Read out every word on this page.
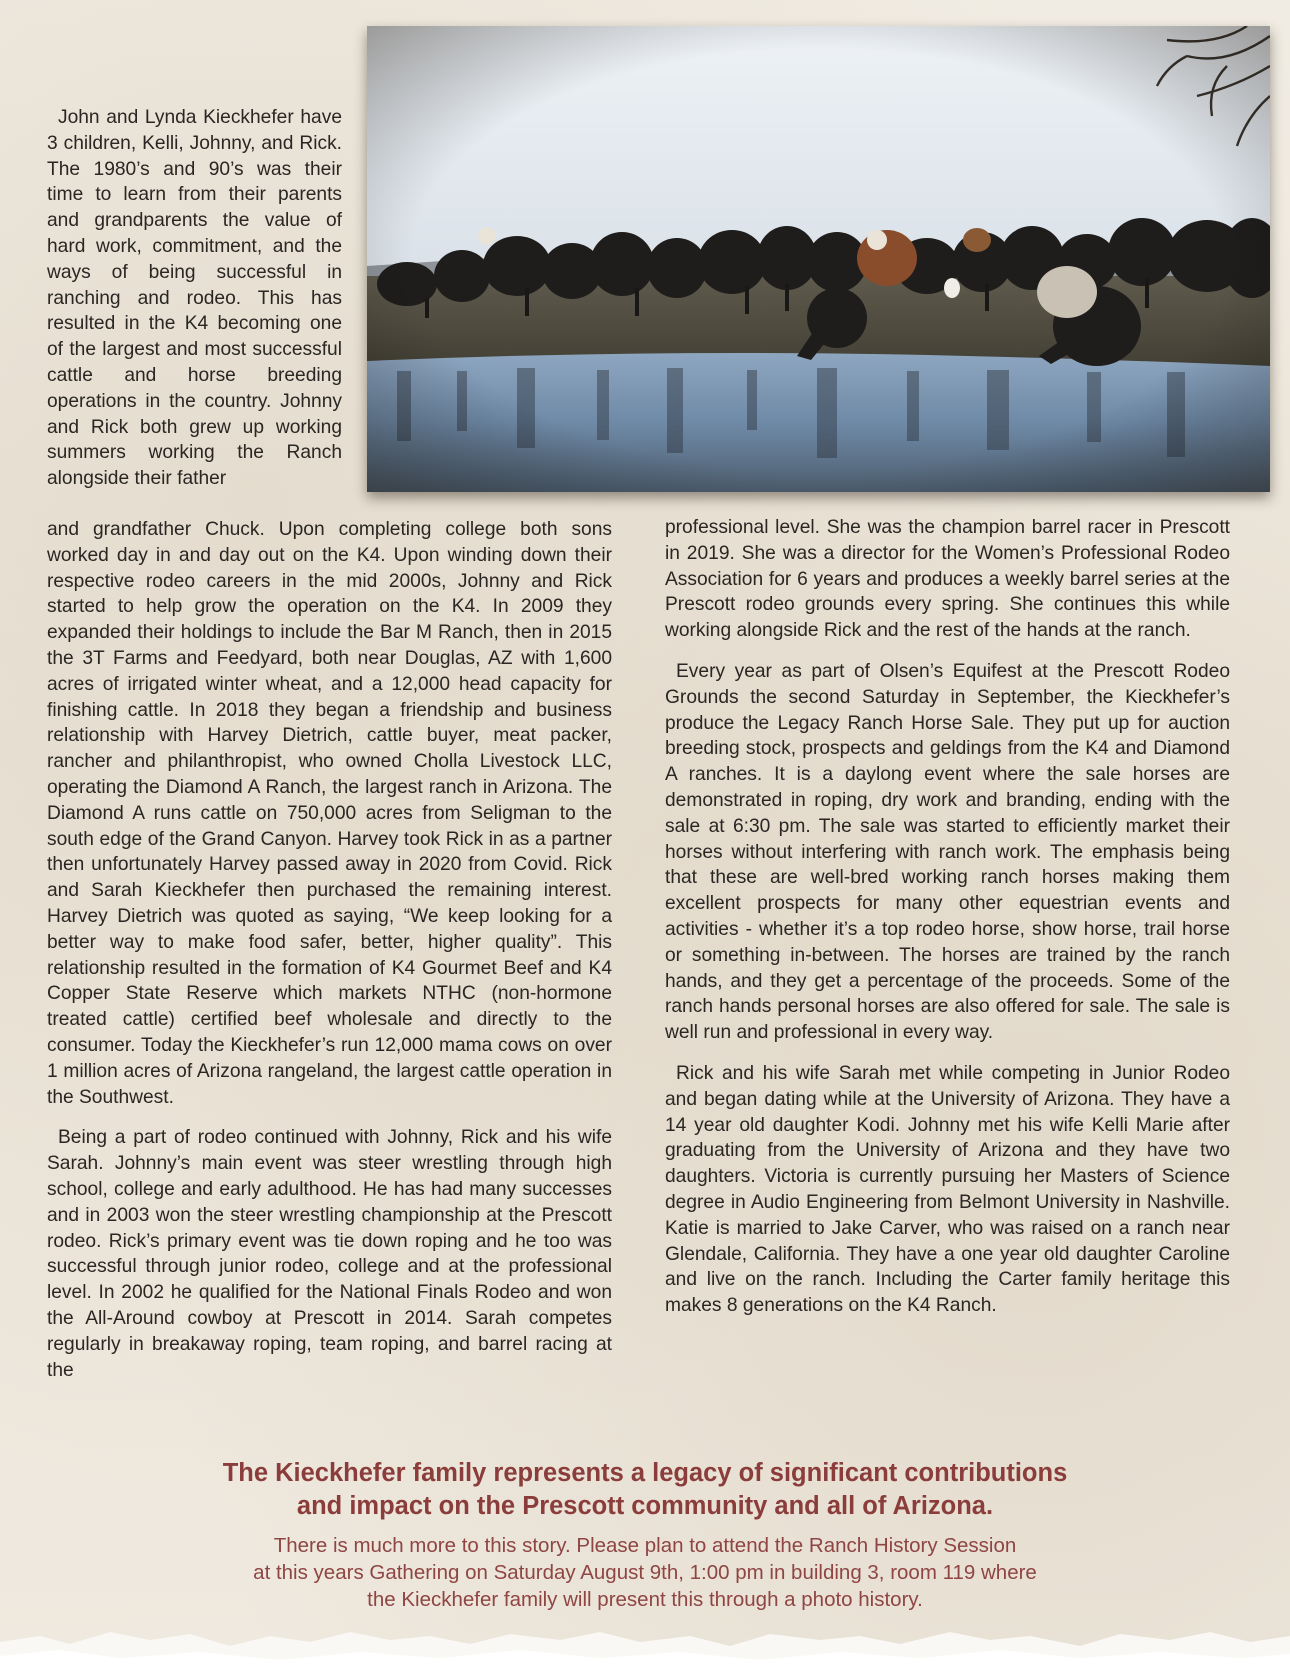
John and Lynda Kieckhefer have 3 children, Kelli, Johnny, and Rick. The 1980’s and 90’s was their time to learn from their parents and grandparents the value of hard work, commitment, and the ways of being successful in ranching and rodeo. This has resulted in the K4 becoming one of the largest and most successful cattle and horse breeding operations in the country. Johnny and Rick both grew up working summers working the Ranch alongside their father

and grandfather Chuck. Upon completing college both sons worked day in and day out on the K4. Upon winding down their respective rodeo careers in the mid 2000s, Johnny and Rick started to help grow the operation on the K4. In 2009 they expanded their holdings to include the Bar M Ranch, then in 2015 the 3T Farms and Feedyard, both near Douglas, AZ with 1,600 acres of irrigated winter wheat, and a 12,000 head capacity for finishing cattle. In 2018 they began a friendship and business relationship with Harvey Dietrich, cattle buyer, meat packer, rancher and philanthropist, who owned Cholla Livestock LLC, operating the Diamond A Ranch, the largest ranch in Arizona. The Diamond A runs cattle on 750,000 acres from Seligman to the south edge of the Grand Canyon. Harvey took Rick in as a partner then unfortunately Harvey passed away in 2020 from Covid. Rick and Sarah Kieckhefer then purchased the remaining interest. Harvey Dietrich was quoted as saying, “We keep looking for a better way to make food safer, better, higher quality”. This relationship resulted in the formation of K4 Gourmet Beef and K4 Copper State Reserve which markets NTHC (non-hormone treated cattle) certified beef wholesale and directly to the consumer. Today the Kieckhefer’s run 12,000 mama cows on over 1 million acres of Arizona rangeland, the largest cattle operation in the Southwest.

Being a part of rodeo continued with Johnny, Rick and his wife Sarah. Johnny’s main event was steer wrestling through high school, college and early adulthood. He has had many successes and in 2003 won the steer wrestling championship at the Prescott rodeo. Rick’s primary event was tie down roping and he too was successful through junior rodeo, college and at the professional level. In 2002 he qualified for the National Finals Rodeo and won the All-Around cowboy at Prescott in 2014. Sarah competes regularly in breakaway roping, team roping, and barrel racing at the

professional level. She was the champion barrel racer in Prescott in 2019. She was a director for the Women’s Professional Rodeo Association for 6 years and produces a weekly barrel series at the Prescott rodeo grounds every spring. She continues this while working alongside Rick and the rest of the hands at the ranch.

Every year as part of Olsen’s Equifest at the Prescott Rodeo Grounds the second Saturday in September, the Kieckhefer’s produce the Legacy Ranch Horse Sale. They put up for auction breeding stock, prospects and geldings from the K4 and Diamond A ranches. It is a daylong event where the sale horses are demonstrated in roping, dry work and branding, ending with the sale at 6:30 pm. The sale was started to efficiently market their horses without interfering with ranch work. The emphasis being that these are well-bred working ranch horses making them excellent prospects for many other equestrian events and activities - whether it’s a top rodeo horse, show horse, trail horse or something in-between. The horses are trained by the ranch hands, and they get a percentage of the proceeds. Some of the ranch hands personal horses are also offered for sale. The sale is well run and professional in every way.

Rick and his wife Sarah met while competing in Junior Rodeo and began dating while at the University of Arizona. They have a 14 year old daughter Kodi. Johnny met his wife Kelli Marie after graduating from the University of Arizona and they have two daughters. Victoria is currently pursuing her Masters of Science degree in Audio Engineering from Belmont University in Nashville. Katie is married to Jake Carver, who was raised on a ranch near Glendale, California. They have a one year old daughter Caroline and live on the ranch. Including the Carter family heritage this makes 8 generations on the K4 Ranch.

The Kieckhefer family represents a legacy of significant contributions
and impact on the Prescott community and all of Arizona.

There is much more to this story. Please plan to attend the Ranch History Session
at this years Gathering on Saturday August 9th, 1:00 pm in building 3, room 119 where
the Kieckhefer family will present this through a photo history.
